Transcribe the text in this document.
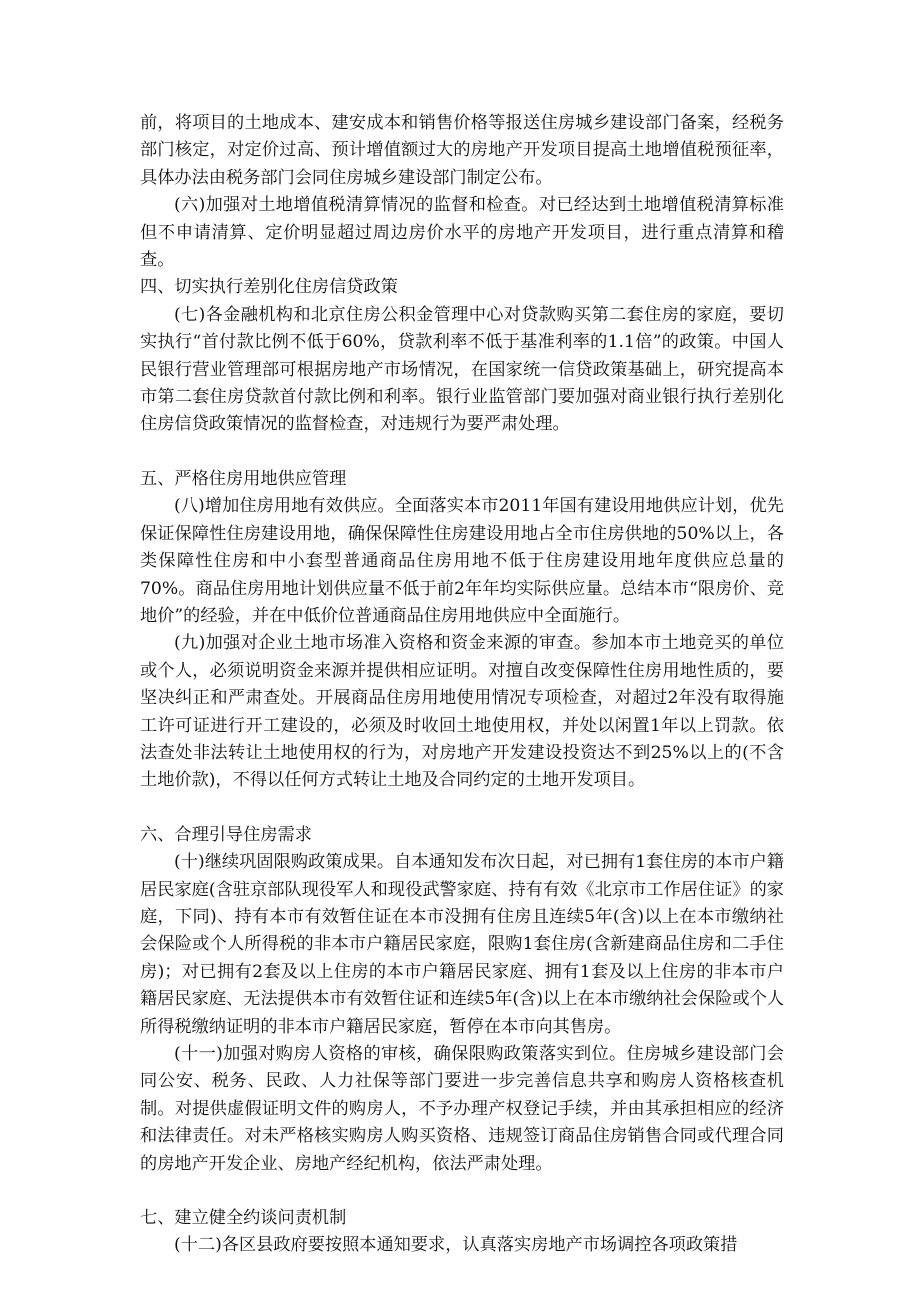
前，将项目的土地成本、建安成本和销售价格等报送住房城乡建设部门备案，经税务部门核定，对定价过高、预计增值额过大的房地产开发项目提高土地增值税预征率，具体办法由税务部门会同住房城乡建设部门制定公布。

(六)加强对土地增值税清算情况的监督和检查。对已经达到土地增值税清算标准但不申请清算、定价明显超过周边房价水平的房地产开发项目，进行重点清算和稽查。

四、切实执行差别化住房信贷政策

(七)各金融机构和北京住房公积金管理中心对贷款购买第二套住房的家庭，要切实执行“首付款比例不低于60%，贷款利率不低于基准利率的1.1倍”的政策。中国人民银行营业管理部可根据房地产市场情况，在国家统一信贷政策基础上，研究提高本市第二套住房贷款首付款比例和利率。银行业监管部门要加强对商业银行执行差别化住房信贷政策情况的监督检查，对违规行为要严肃处理。

五、严格住房用地供应管理

(八)增加住房用地有效供应。全面落实本市2011年国有建设用地供应计划，优先保证保障性住房建设用地，确保保障性住房建设用地占全市住房供地的50%以上，各类保障性住房和中小套型普通商品住房用地不低于住房建设用地年度供应总量的70%。商品住房用地计划供应量不低于前2年年均实际供应量。总结本市“限房价、竞地价”的经验，并在中低价位普通商品住房用地供应中全面施行。

(九)加强对企业土地市场准入资格和资金来源的审查。参加本市土地竞买的单位或个人，必须说明资金来源并提供相应证明。对擅自改变保障性住房用地性质的，要坚决纠正和严肃查处。开展商品住房用地使用情况专项检查，对超过2年没有取得施工许可证进行开工建设的，必须及时收回土地使用权，并处以闲置1年以上罚款。依法查处非法转让土地使用权的行为，对房地产开发建设投资达不到25%以上的(不含土地价款)，不得以任何方式转让土地及合同约定的土地开发项目。

六、合理引导住房需求

(十)继续巩固限购政策成果。自本通知发布次日起，对已拥有1套住房的本市户籍居民家庭(含驻京部队现役军人和现役武警家庭、持有有效《北京市工作居住证》的家庭，下同)、持有本市有效暂住证在本市没拥有住房且连续5年(含)以上在本市缴纳社会保险或个人所得税的非本市户籍居民家庭，限购1套住房(含新建商品住房和二手住房)；对已拥有2套及以上住房的本市户籍居民家庭、拥有1套及以上住房的非本市户籍居民家庭、无法提供本市有效暂住证和连续5年(含)以上在本市缴纳社会保险或个人所得税缴纳证明的非本市户籍居民家庭，暂停在本市向其售房。

(十一)加强对购房人资格的审核，确保限购政策落实到位。住房城乡建设部门会同公安、税务、民政、人力社保等部门要进一步完善信息共享和购房人资格核查机制。对提供虚假证明文件的购房人，不予办理产权登记手续，并由其承担相应的经济和法律责任。对未严格核实购房人购买资格、违规签订商品住房销售合同或代理合同的房地产开发企业、房地产经纪机构，依法严肃处理。

七、建立健全约谈问责机制

(十二)各区县政府要按照本通知要求，认真落实房地产市场调控各项政策措
